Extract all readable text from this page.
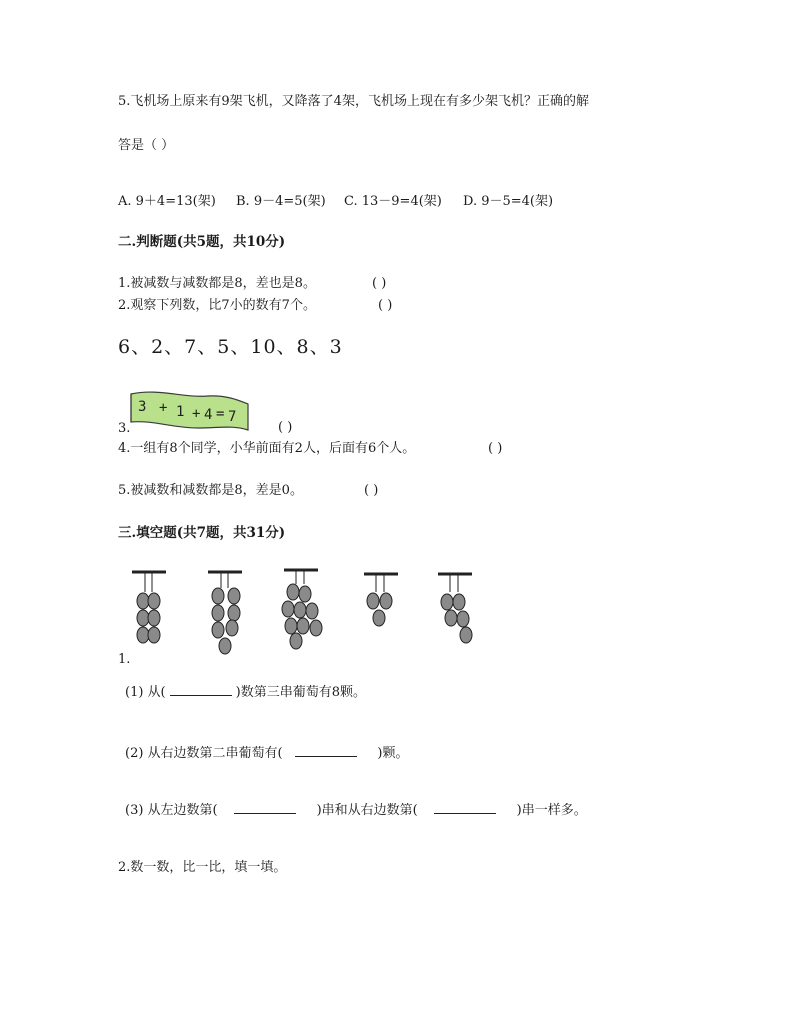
5.飞机场上原来有9架飞机，又降落了4架，飞机场上现在有多少架飞机？正确的解
答是（ ）
A. 9＋4=13(架) B. 9－4=5(架) C. 13－9=4(架) D. 9－5=4(架)
二.判断题(共5题，共10分)
1.被减数与减数都是8，差也是8。	( )
2.观察下列数，比7小的数有7个。	( )
6、2、7、5、10、8、3
3 + 1 + 4 = 7
3.	( )
4.一组有8个同学，小华前面有2人，后面有6个人。	( )
5.被减数和减数都是8，差是0。	( )
三.填空题(共7题，共31分)
1.
(1) 从(	)数第三串葡萄有8颗。
(2) 从右边数第二串葡萄有(	)颗。
(3) 从左边数第(	)串和从右边数第(	)串一样多。
2.数一数，比一比，填一填。
